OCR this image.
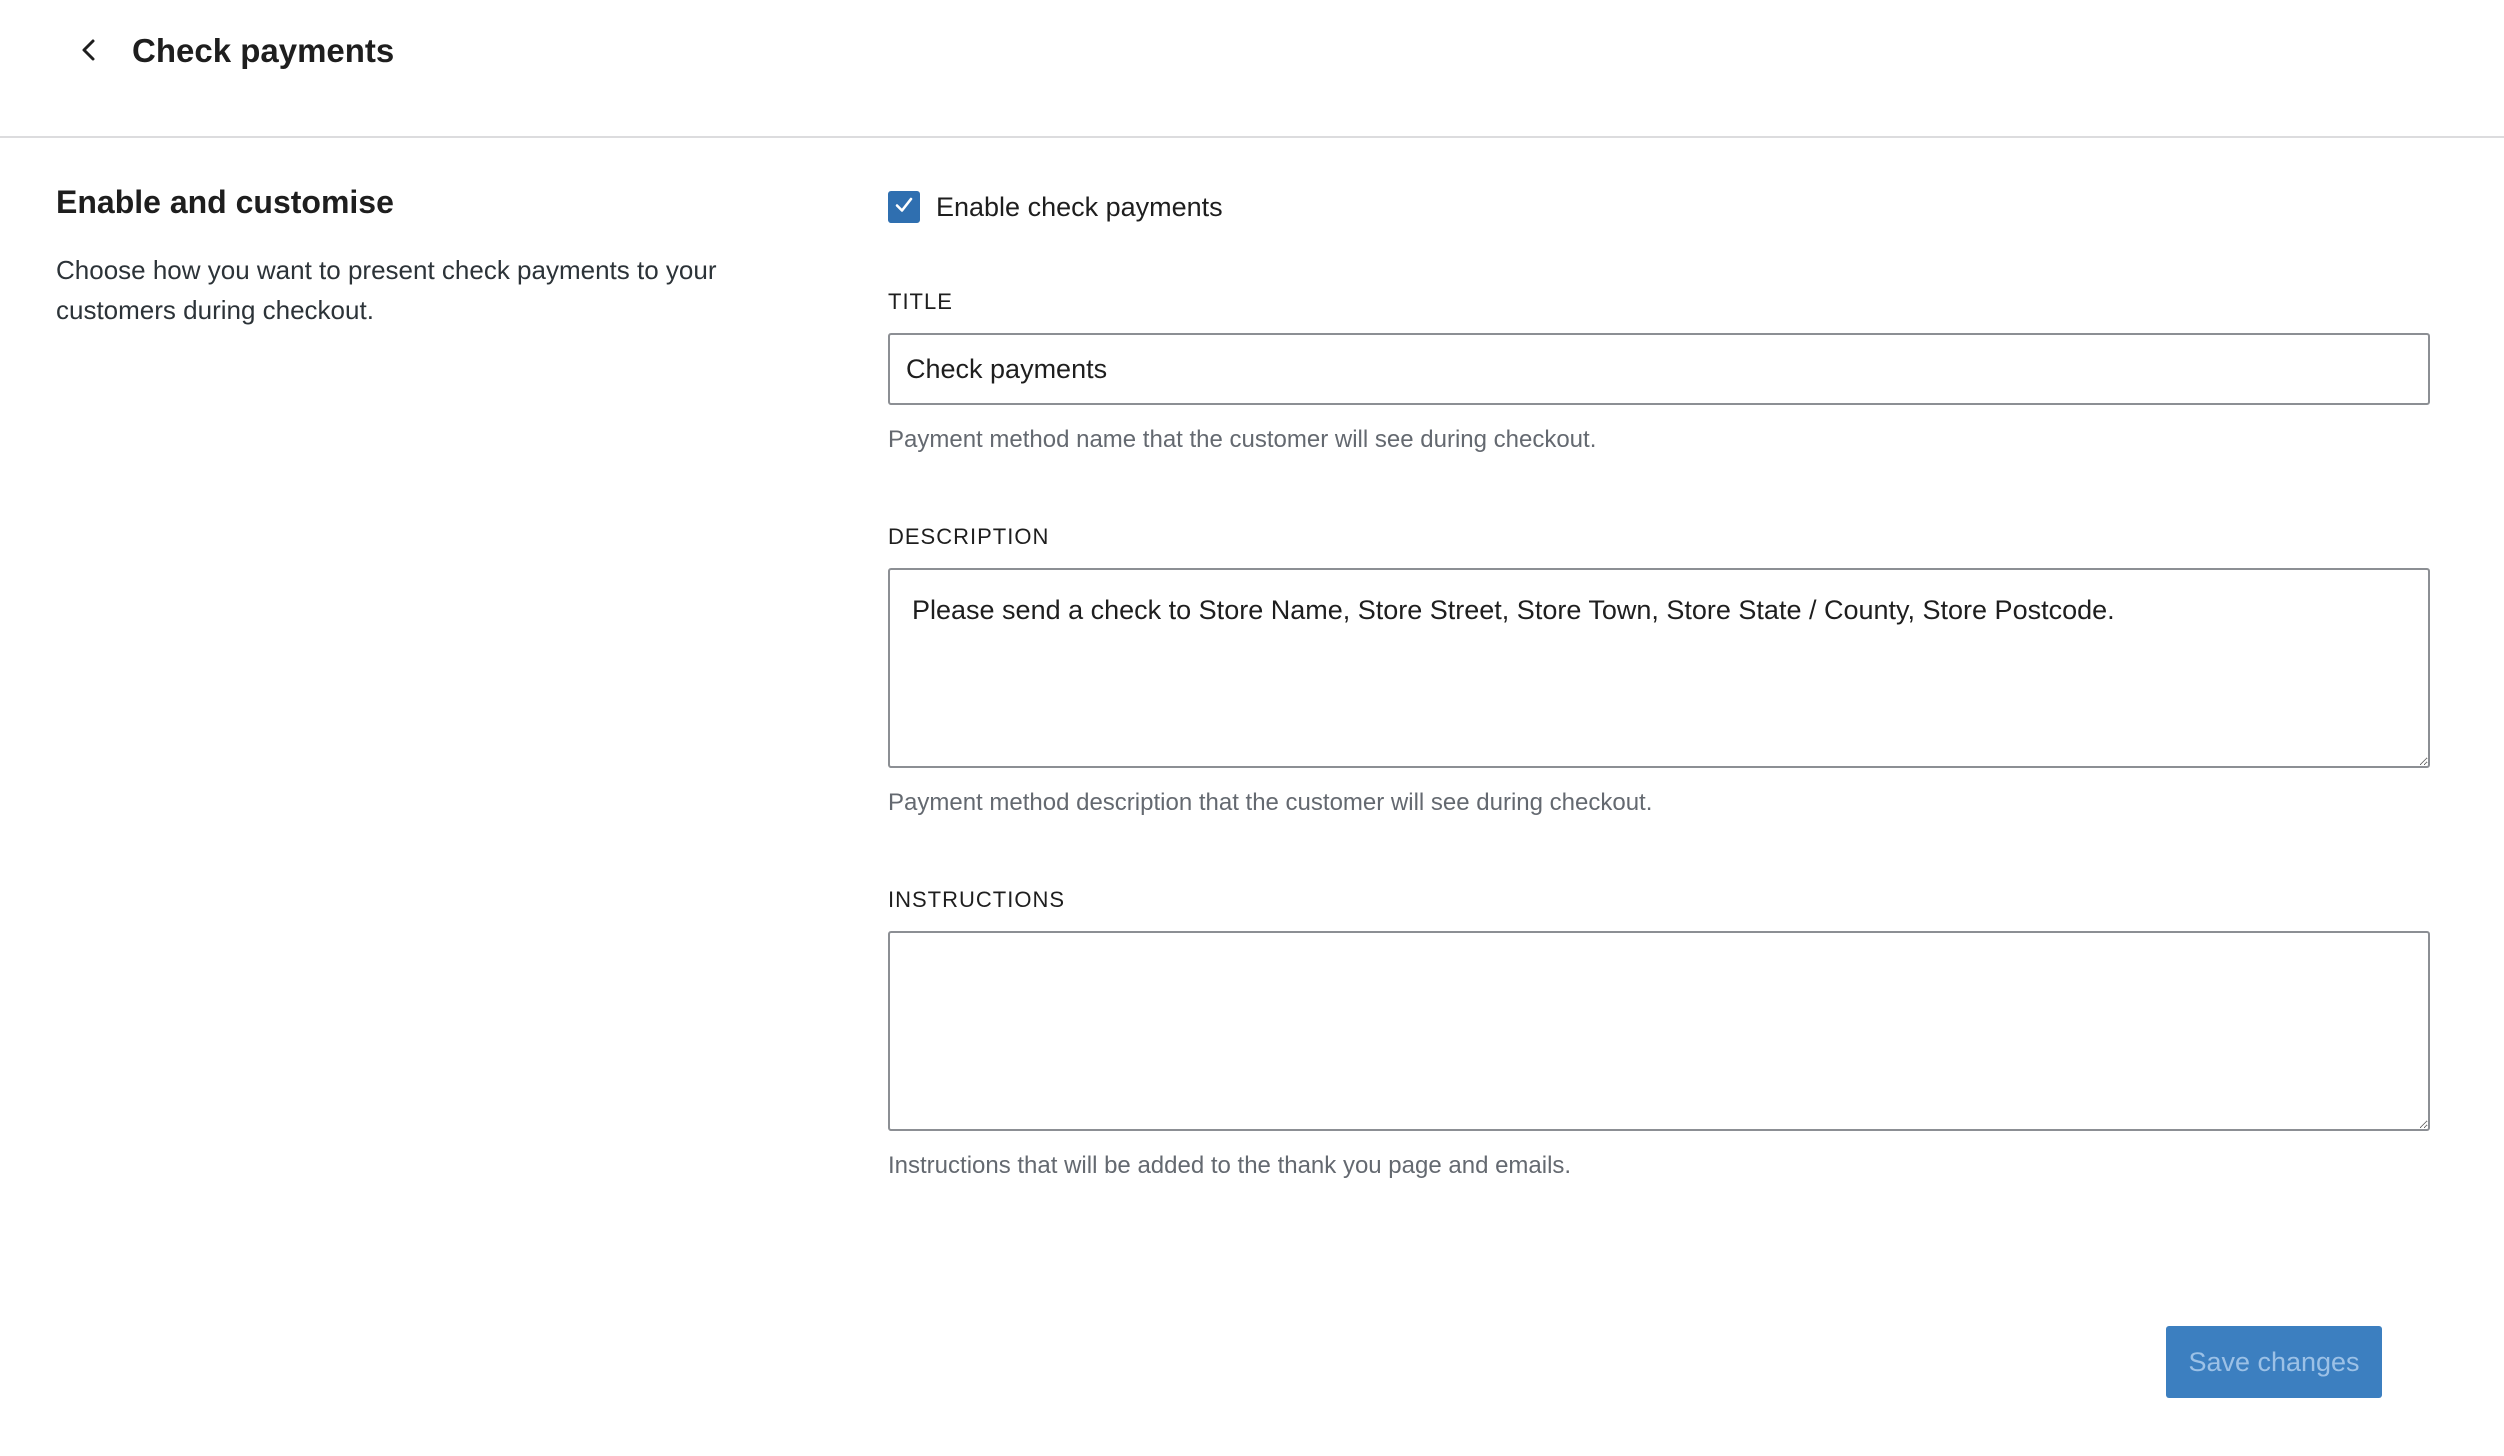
Check payments
Enable and customise

Choose how you want to present check payments to your customers during checkout.

Enable check payments

TITLE

Check payments

Payment method name that the customer will see during checkout.

DESCRIPTION

Please send a check to Store Name, Store Street, Store Town, Store State / County, Store Postcode.

Payment method description that the customer will see during checkout.

INSTRUCTIONS

Instructions that will be added to the thank you page and emails.

Save changes
